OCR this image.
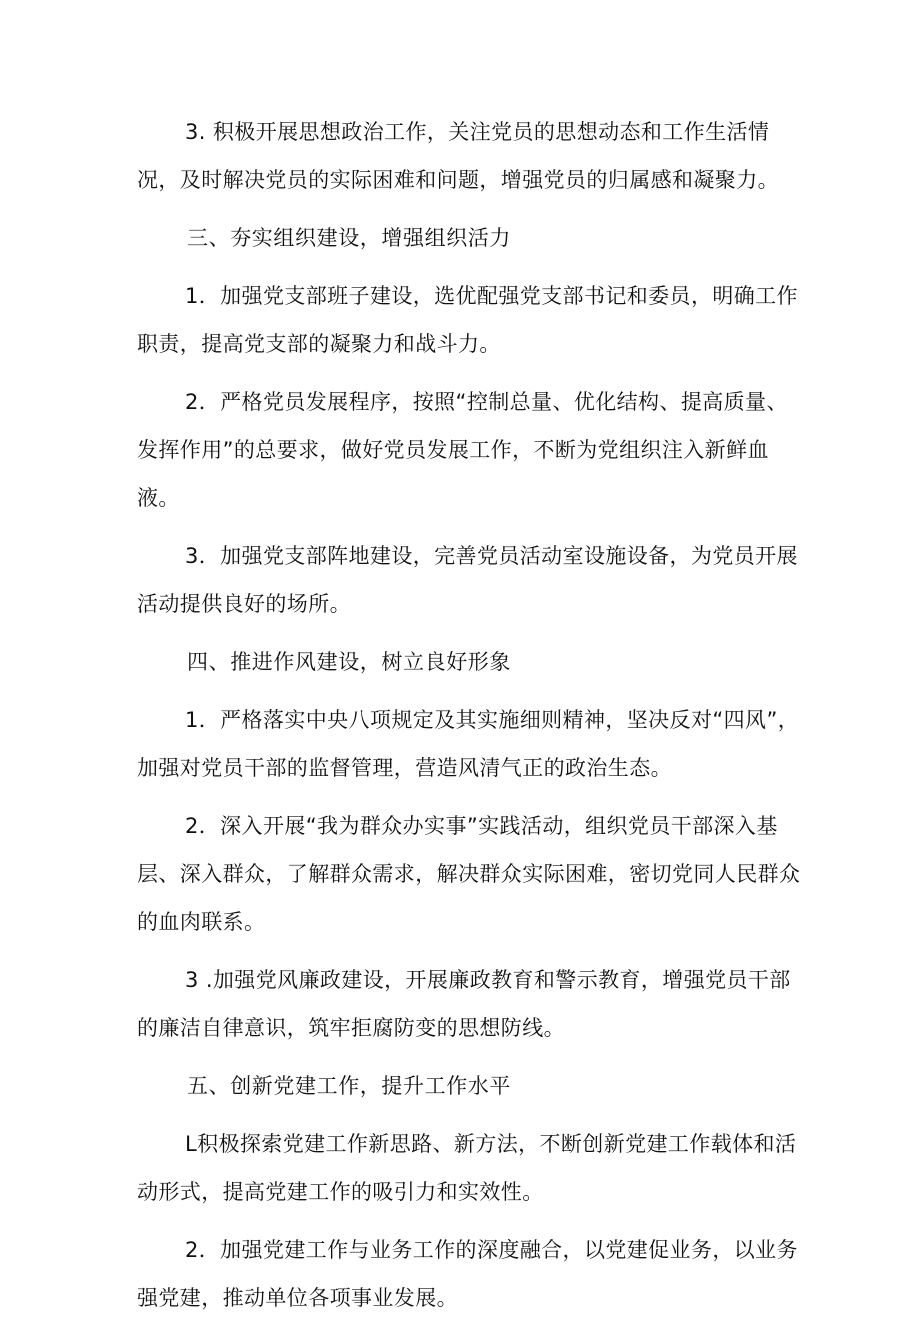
3. 积极开展思想政治工作，关注党员的思想动态和工作生活情况，及时解决党员的实际困难和问题，增强党员的归属感和凝聚力。

三、夯实组织建设，增强组织活力

1．加强党支部班子建设，选优配强党支部书记和委员，明确工作职责，提高党支部的凝聚力和战斗力。

2．严格党员发展程序，按照“控制总量、优化结构、提高质量、发挥作用”的总要求，做好党员发展工作，不断为党组织注入新鲜血液。

3．加强党支部阵地建设，完善党员活动室设施设备，为党员开展活动提供良好的场所。

四、推进作风建设，树立良好形象

1．严格落实中央八项规定及其实施细则精神，坚决反对“四风”，加强对党员干部的监督管理，营造风清气正的政治生态。

2．深入开展“我为群众办实事”实践活动，组织党员干部深入基层、深入群众，了解群众需求，解决群众实际困难，密切党同人民群众的血肉联系。

3 .加强党风廉政建设，开展廉政教育和警示教育，增强党员干部的廉洁自律意识，筑牢拒腐防变的思想防线。

五、创新党建工作，提升工作水平

L积极探索党建工作新思路、新方法，不断创新党建工作载体和活动形式，提高党建工作的吸引力和实效性。

2．加强党建工作与业务工作的深度融合，以党建促业务，以业务强党建，推动单位各项事业发展。
